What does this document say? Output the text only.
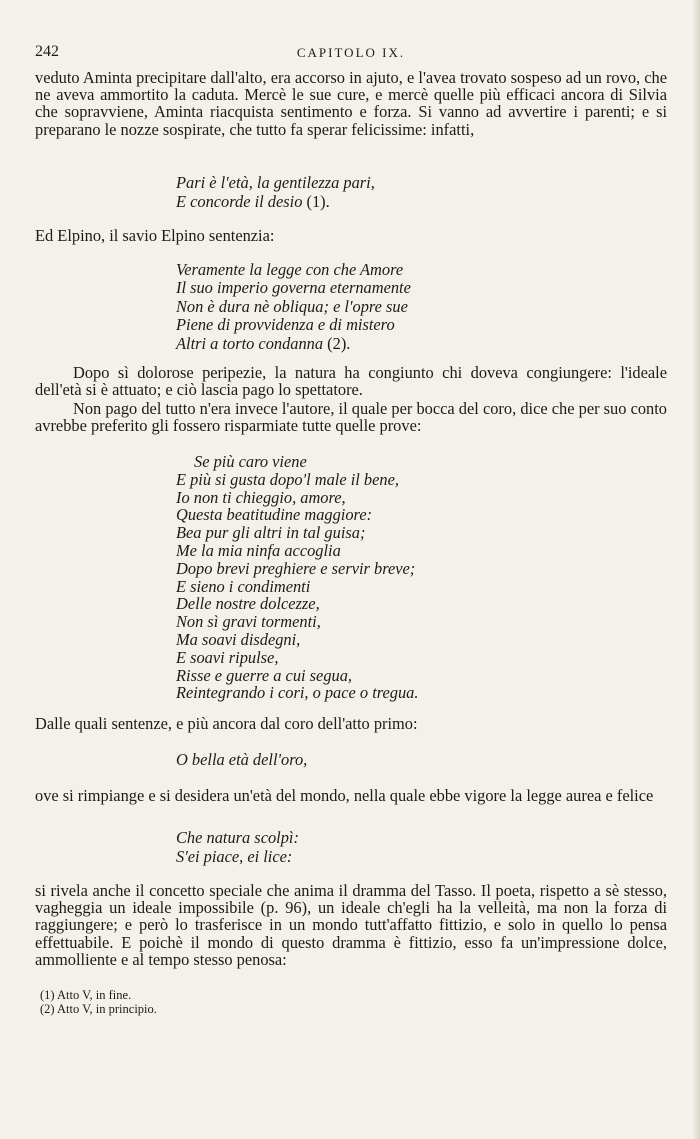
242	CAPITOLO IX.

veduto Aminta precipitare dall'alto, era accorso in ajuto, e l'avea trovato sospeso ad un rovo, che ne aveva ammortito la caduta. Mercè le sue cure, e mercè quelle più efficaci ancora di Silvia che sopravviene, Aminta riacquista sentimento e forza. Si vanno ad avvertire i parenti; e si preparano le nozze sospirate, che tutto fa sperar felicissime: infatti,

Pari è l'età, la gentilezza pari,
E concorde il desio (1).

Ed Elpino, il savio Elpino sentenzia:

Veramente la legge con che Amore
Il suo imperio governa eternamente
Non è dura nè obliqua; e l'opre sue
Piene di provvidenza e di mistero
Altri a torto condanna (2).

Dopo sì dolorose peripezie, la natura ha congiunto chi doveva congiungere: l'ideale dell'età si è attuato; e ciò lascia pago lo spettatore.

Non pago del tutto n'era invece l'autore, il quale per bocca del coro, dice che per suo conto avrebbe preferito gli fossero risparmiate tutte quelle prove:

Se più caro viene
E più si gusta dopo'l male il bene,
Io non ti chieggio, amore,
Questa beatitudine maggiore:
Bea pur gli altri in tal guisa;
Me la mia ninfa accoglia
Dopo brevi preghiere e servir breve;
E sieno i condimenti
Delle nostre dolcezze,
Non sì gravi tormenti,
Ma soavi disdegni,
E soavi ripulse,
Risse e guerre a cui segua,
Reintegrando i cori, o pace o tregua.

Dalle quali sentenze, e più ancora dal coro dell'atto primo:

O bella età dell'oro,

ove si rimpiange e si desidera un'età del mondo, nella quale ebbe vigore la legge aurea e felice

Che natura scolpì:
S'ei piace, ei lice:

si rivela anche il concetto speciale che anima il dramma del Tasso. Il poeta, rispetto a sè stesso, vagheggia un ideale impossibile (p. 96), un ideale ch'egli ha la velleità, ma non la forza di raggiungere; e però lo trasferisce in un mondo tutt'affatto fittizio, e solo in quello lo pensa effettuabile. E poichè il mondo di questo dramma è fittizio, esso fa un'impressione dolce, ammolliente e al tempo stesso penosa:

(1) Atto V, in fine.
(2) Atto V, in principio.
